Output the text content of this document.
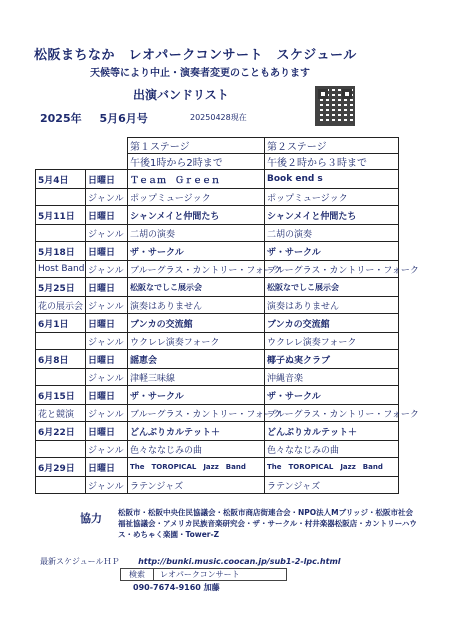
松阪まちなか　レオパークコンサート　スケジュール
天候等により中止・演奏者変更のこともあります
出演バンドリスト
2025年 5月6月号	20250428現在
		第１ステージ	第２ステージ
		午後1時から2時まで	午後２時から３時まで
5月4日	日曜日	Ｔｅａｍ　Ｇｒｅｅｎ	Book end s
	ジャンル	ポップミュージック	ポップミュージック
5月11日	日曜日	シャンメイと仲間たち	シャンメイと仲間たち
	ジャンル	二胡の演奏	二胡の演奏
5月18日	日曜日	ザ・サークル	ザ・サークル
Host Band	ジャンル	ブルーグラス・カントリー・フォーク	ブルーグラス・カントリー・フォーク
5月25日	日曜日	松阪なでしこ展示会	松阪なでしこ展示会
花の展示会	ジャンル	演奏はありません	演奏はありません
6月1日	日曜日	ブンカの交流館	ブンカの交流館
	ジャンル	ウクレレ演奏フォーク	ウクレレ演奏フォーク
6月8日	日曜日	謡恵会	椰子ぬ実クラブ
	ジャンル	津軽三味線	沖縄音楽
6月15日	日曜日	ザ・サークル	ザ・サークル
花と競演	ジャンル	ブルーグラス・カントリー・フォーク	ブルーグラス・カントリー・フォーク
6月22日	日曜日	どんぶりカルテット＋	どんぶりカルテット＋
	ジャンル	色々ななじみの曲	色々ななじみの曲
6月29日	日曜日	The　TOROPICAL　Jazz　Band	The　TOROPICAL　Jazz　Band
	ジャンル	ラテンジャズ	ラテンジャズ
協力 松阪市・松阪中央住民協議会・松阪市商店街連合会・NPO法人Mブリッジ・松阪市社会福祉協議会・アメリカ民族音楽研究会・ザ・サークル・村井楽器松阪店・カントリーハウス・めちゃく楽園・Tower-Z
最新スケジュールＨＰ http://bunki.music.coocan.jp/sub1-2-lpc.html
検索	レオパークコンサート
090-7674-9160 加藤
